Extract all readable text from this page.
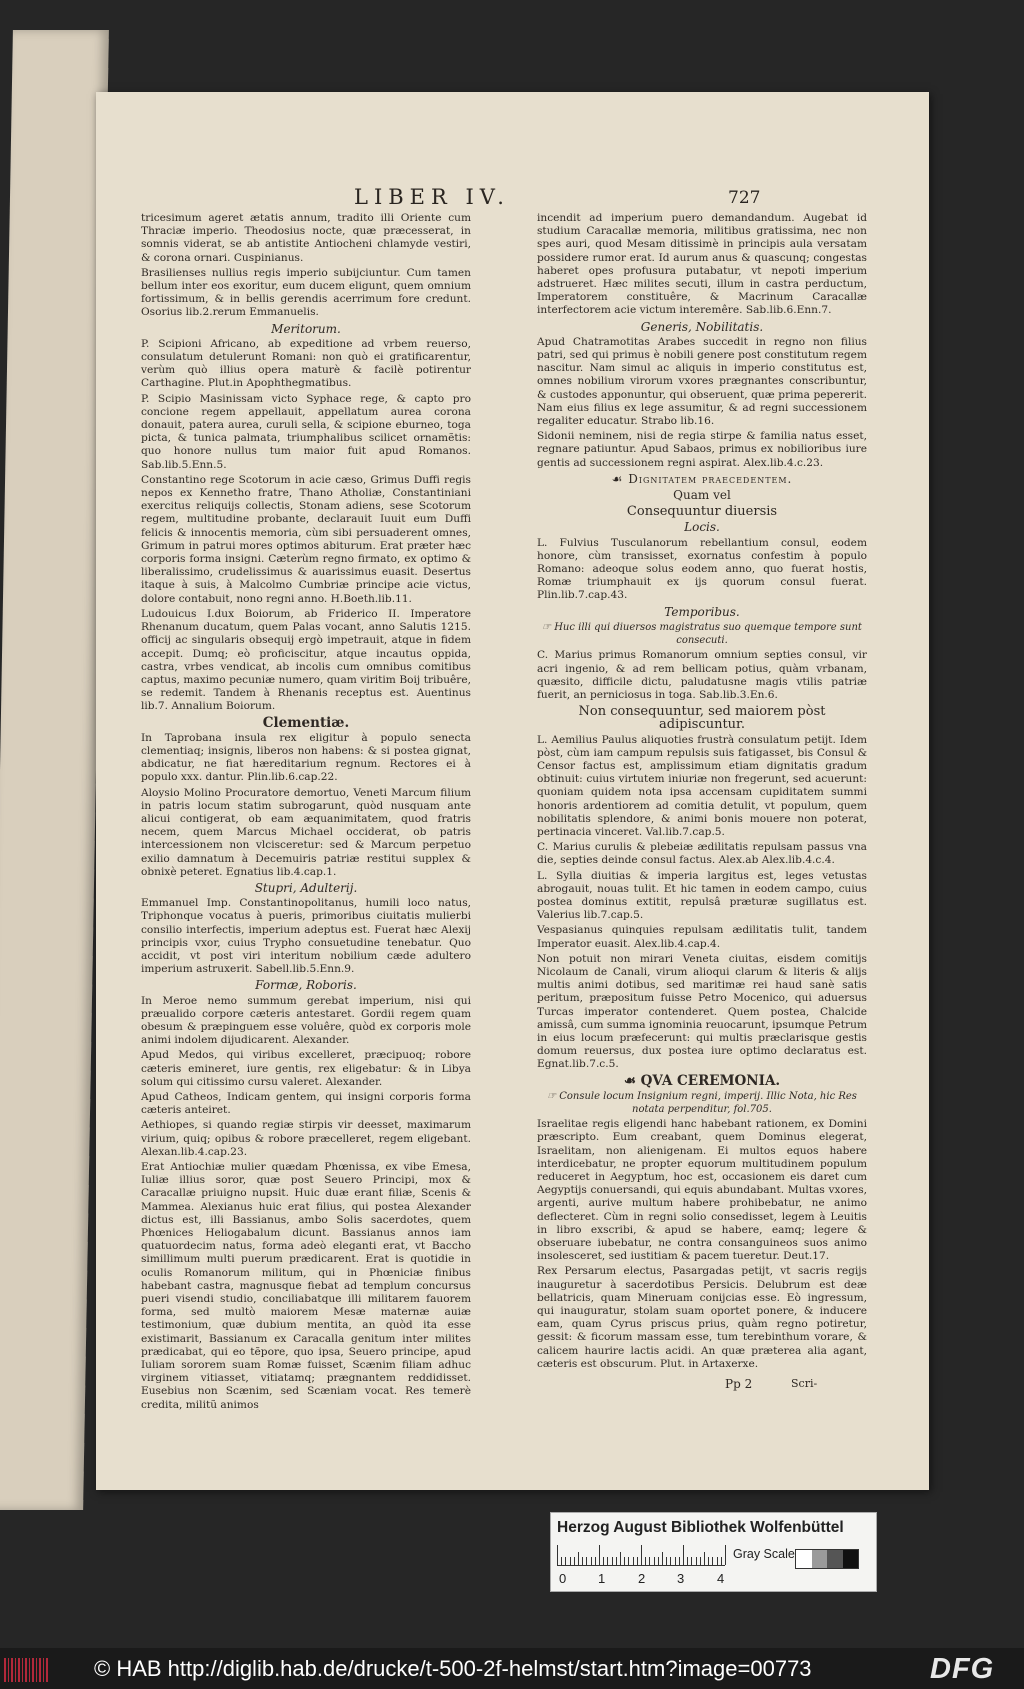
LIBER IV.	727

tricesimum ageret ætatis annum, tradito illi Oriente cum Thraciæ imperio. Theodosius nocte, quæ præcesserat, in somnis viderat, se ab antistite Antiocheni chlamyde vestiri, & corona ornari. Cuspinianus.

Brasilienses nullius regis imperio subijciuntur. Cum tamen bellum inter eos exoritur, eum ducem eligunt, quem omnium fortissimum, & in bellis gerendis acerrimum fore credunt. Osorius lib.2.rerum Emmanuelis.

Meritorum.

P. Scipioni Africano, ab expeditione ad vrbem reuerso, consulatum detulerunt Romani: non quò ei gratificarentur, verùm quò illius opera maturè & facilè potirentur Carthagine. Plut.in Apophthegmatibus.

P. Scipio Masinissam victo Syphace rege, & capto pro concione regem appellauit, appellatum aurea corona donauit, patera aurea, curuli sella, & scipione eburneo, toga picta, & tunica palmata, triumphalibus scilicet ornamẽtis: quo honore nullus tum maior fuit apud Romanos. Sab.lib.5.Enn.5.

Constantino rege Scotorum in acie cæso, Grimus Duffi regis nepos ex Kennetho fratre, Thano Atholiæ, Constantiniani exercitus reliquijs collectis, Stonam adiens, sese Scotorum regem, multitudine probante, declarauit Iuuit eum Duffi felicis & innocentis memoria, cùm sibi persuaderent omnes, Grimum in patrui mores optimos abiturum. Erat præter hæc corporis forma insigni. Cæterùm regno firmato, ex optimo & liberalissimo, crudelissimus & auarissimus euasit. Desertus itaque à suis, à Malcolmo Cumbriæ principe acie victus, dolore contabuit, nono regni anno. H.Boeth.lib.11.

Ludouicus I.dux Boiorum, ab Friderico II. Imperatore Rhenanum ducatum, quem Palas vocant, anno Salutis 1215. officij ac singularis obsequij ergò impetrauit, atque in fidem accepit. Dumq; eò proficiscitur, atque incautus oppida, castra, vrbes vendicat, ab incolis cum omnibus comitibus captus, maximo pecuniæ numero, quam viritim Boij tribuêre, se redemit. Tandem à Rhenanis receptus est. Auentinus lib.7. Annalium Boiorum.

Clementiæ.

In Taprobana insula rex eligitur à populo senecta clementiaq; insignis, liberos non habens: & si postea gignat, abdicatur, ne fiat hæreditarium regnum. Rectores ei à populo xxx. dantur. Plin.lib.6.cap.22.

Aloysio Molino Procuratore demortuo, Veneti Marcum filium in patris locum statim subrogarunt, quòd nusquam ante alicui contigerat, ob eam æquanimitatem, quod fratris necem, quem Marcus Michael occiderat, ob patris intercessionem non vlcisceretur: sed & Marcum perpetuo exilio damnatum à Decemuiris patriæ restitui supplex & obnixè peteret. Egnatius lib.4.cap.1.

Stupri, Adulterij.

Emmanuel Imp. Constantinopolitanus, humili loco natus, Triphonque vocatus à pueris, primoribus ciuitatis mulierbi consilio interfectis, imperium adeptus est. Fuerat hæc Alexij principis vxor, cuius Trypho consuetudine tenebatur. Quo accidit, vt post viri interitum nobilium cæde adultero imperium astruxerit. Sabell.lib.5.Enn.9.

Formæ, Roboris.

In Meroe nemo summum gerebat imperium, nisi qui præualido corpore cæteris antestaret. Gordii regem quam obesum & præpinguem esse voluêre, quòd ex corporis mole animi indolem dijudicarent. Alexander.

Apud Medos, qui viribus excelleret, præcipuoq; robore cæteris emineret, iure gentis, rex eligebatur: & in Libya solum qui citissimo cursu valeret. Alexander.

Apud Catheos, Indicam gentem, qui insigni corporis forma cæteris anteiret.

Aethiopes, si quando regiæ stirpis vir deesset, maximarum virium, quiq; opibus & robore præcelleret, regem eligebant. Alexan.lib.4.cap.23.

Erat Antiochiæ mulier quædam Phœnissa, ex vibe Emesa, Iuliæ illius soror, quæ post Seuero Principi, mox & Caracallæ priuigno nupsit. Huic duæ erant filiæ, Scenis & Mammea. Alexianus huic erat filius, qui postea Alexander dictus est, illi Bassianus, ambo Solis sacerdotes, quem Phœnices Heliogabalum dicunt. Bassianus annos iam quatuordecim natus, forma adeò eleganti erat, vt Baccho simillimum multi puerum prædicarent. Erat is quotidie in oculis Romanorum militum, qui in Phœniciæ finibus habebant castra, magnusque fiebat ad templum concursus pueri visendi studio, conciliabatque illi militarem fauorem forma, sed multò maiorem Mesæ maternæ auiæ testimonium, quæ dubium mentita, an quòd ita esse existimarit, Bassianum ex Caracalla genitum inter milites prædicabat, qui eo tẽpore, quo ipsa, Seuero principe, apud Iuliam sororem suam Romæ fuisset, Scænim filiam adhuc virginem vitiasset, vitiatamq; prægnantem reddidisset. Eusebius non Scænim, sed Scæniam vocat. Res temerè credita, militũ animos

incendit ad imperium puero demandandum. Augebat id studium Caracallæ memoria, militibus gratissima, nec non spes auri, quod Mesam ditissimè in principis aula versatam possidere rumor erat. Id aurum anus & quascunq; congestas haberet opes profusura putabatur, vt nepoti imperium adstrueret. Hæc milites secuti, illum in castra perductum, Imperatorem constituêre, & Macrinum Caracallæ interfectorem acie victum interemêre. Sab.lib.6.Enn.7.

Generis, Nobilitatis.

Apud Chatramotitas Arabes succedit in regno non filius patri, sed qui primus è nobili genere post constitutum regem nascitur. Nam simul ac aliquis in imperio constitutus est, omnes nobilium virorum vxores prægnantes conscribuntur, & custodes apponuntur, qui obseruent, quæ prima pepererit. Nam eius filius ex lege assumitur, & ad regni successionem regaliter educatur. Strabo lib.16.

Sidonii neminem, nisi de regia stirpe & familia natus esset, regnare patiuntur. Apud Sabaos, primus ex nobilioribus iure gentis ad successionem regni aspirat. Alex.lib.4.c.23.

☙ Dignitatem praecedentem.
Quam vel
Consequuntur diuersis
Locis.

L. Fulvius Tusculanorum rebellantium consul, eodem honore, cùm transisset, exornatus confestim à populo Romano: adeoque solus eodem anno, quo fuerat hostis, Romæ triumphauit ex ijs quorum consul fuerat. Plin.lib.7.cap.43.

Temporibus.
☞ Huc illi qui diuersos magistratus suo quemque tempore sunt consecuti.

C. Marius primus Romanorum omnium septies consul, vir acri ingenio, & ad rem bellicam potius, quàm vrbanam, quæsito, difficile dictu, paludatusne magis vtilis patriæ fuerit, an perniciosus in toga. Sab.lib.3.En.6.

Non consequuntur, sed maiorem pòst adipiscuntur.

L. Aemilius Paulus aliquoties frustrà consulatum petijt. Idem pòst, cùm iam campum repulsis suis fatigasset, bis Consul & Censor factus est, amplissimum etiam dignitatis gradum obtinuit: cuius virtutem iniuriæ non fregerunt, sed acuerunt: quoniam quidem nota ipsa accensam cupiditatem summi honoris ardentiorem ad comitia detulit, vt populum, quem nobilitatis splendore, & animi bonis mouere non poterat, pertinacia vinceret. Val.lib.7.cap.5.

C. Marius curulis & plebeiæ ædilitatis repulsam passus vna die, septies deinde consul factus. Alex.ab Alex.lib.4.c.4.

L. Sylla diuitias & imperia largitus est, leges vetustas abrogauit, nouas tulit. Et hic tamen in eodem campo, cuius postea dominus extitit, repulsâ præturæ sugillatus est. Valerius lib.7.cap.5.

Vespasianus quinquies repulsam ædilitatis tulit, tandem Imperator euasit. Alex.lib.4.cap.4.

Non potuit non mirari Veneta ciuitas, eisdem comitijs Nicolaum de Canali, virum alioqui clarum & literis & alijs multis animi dotibus, sed maritimæ rei haud sanè satis peritum, præpositum fuisse Petro Mocenico, qui aduersus Turcas imperator contenderet. Quem postea, Chalcide amissâ, cum summa ignominia reuocarunt, ipsumque Petrum in eius locum præfecerunt: qui multis præclarisque gestis domum reuersus, dux postea iure optimo declaratus est. Egnat.lib.7.c.5.

☙ QVA CEREMONIA.
☞ Consule locum Insignium regni, imperij. Illic Nota, hic Res notata perpenditur, fol.705.

Israelitae regis eligendi hanc habebant rationem, ex Domini præscripto. Eum creabant, quem Dominus elegerat, Israelitam, non alienigenam. Ei multos equos habere interdicebatur, ne propter equorum multitudinem populum reduceret in Aegyptum, hoc est, occasionem eis daret cum Aegyptijs conuersandi, qui equis abundabant. Multas vxores, argenti, aurive multum habere prohibebatur, ne animo deflecteret. Cùm in regni solio consedisset, legem à Leuitis in libro exscribi, & apud se habere, eamq; legere & obseruare iubebatur, ne contra consanguineos suos animo insolesceret, sed iustitiam & pacem tueretur. Deut.17.

Rex Persarum electus, Pasargadas petijt, vt sacris regijs inauguretur à sacerdotibus Persicis. Delubrum est deæ bellatricis, quam Mineruam conijcias esse. Eò ingressum, qui inauguratur, stolam suam oportet ponere, & inducere eam, quam Cyrus priscus prius, quàm regno potiretur, gessit: & ficorum massam esse, tum terebinthum vorare, & calicem haurire lactis acidi. An quæ præterea alia agant, cæteris est obscurum. Plut. in Artaxerxe.

Pp 2	Scri-
Herzog August Bibliothek Wolfenbüttel
0 1	2 3	4
Gray Scale
© HAB http://diglib.hab.de/drucke/t-500-2f-helmst/start.htm?image=00773	DFG
